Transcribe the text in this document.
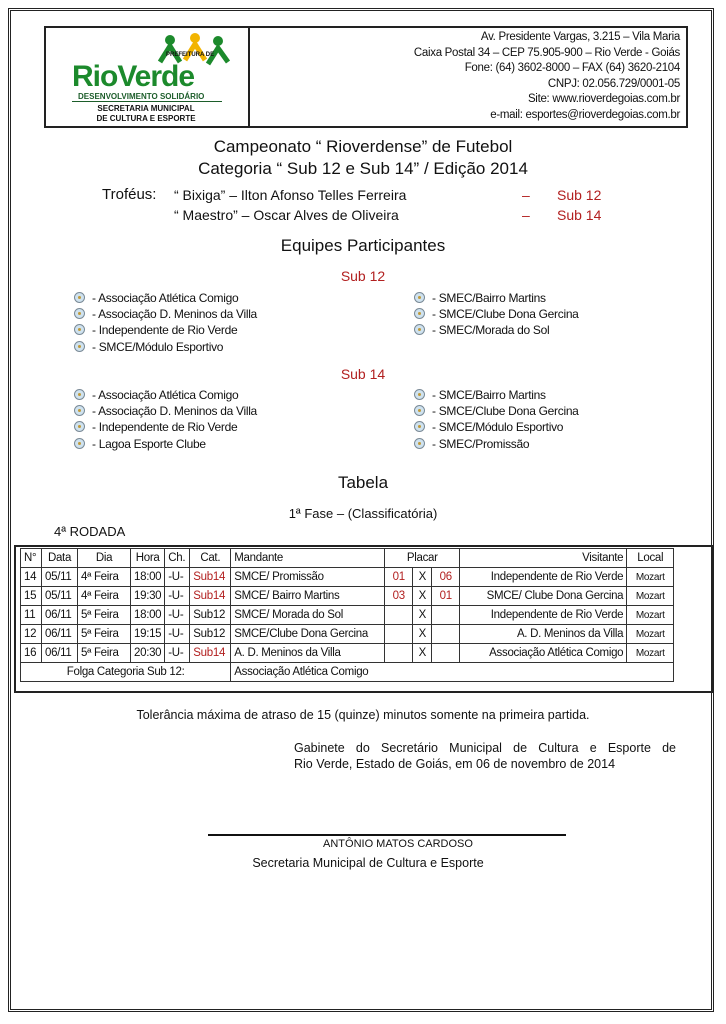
PREFEITURA DE
RioVerde
DESENVOLVIMENTO SOLIDÁRIO
SECRETARIA MUNICIPAL
DE CULTURA E ESPORTE
Av. Presidente Vargas, 3.215 – Vila Maria
Caixa Postal 34 – CEP 75.905-900 – Rio Verde - Goiás
Fone: (64) 3602-8000 – FAX (64) 3620-2104
CNPJ: 02.056.729/0001-05
Site: www.rioverdegoias.com.br
e-mail: esportes@rioverdegoias.com.br
Campeonato “ Rioverdense” de Futebol
Categoria “ Sub 12 e Sub 14” / Edição 2014
Troféus: “ Bixiga” – Ilton Afonso Telles Ferreira	– Sub 12
“ Maestro” – Oscar Alves de Oliveira	– Sub 14
Equipes Participantes
Sub 12
- Associação Atlética Comigo
- Associação D. Meninos da Villa
- Independente de Rio Verde
- SMCE/Módulo Esportivo
- SMEC/Bairro Martins
- SMCE/Clube Dona Gercina
- SMEC/Morada do Sol
Sub 14
- Associação Atlética Comigo
- Associação D. Meninos da Villa
- Independente de Rio Verde
- Lagoa Esporte Clube
- SMCE/Bairro Martins
- SMCE/Clube Dona Gercina
- SMCE/Módulo Esportivo
- SMEC/Promissão
Tabela
1ª Fase – (Classificatória)
4ª RODADA
N°	Data	Dia	Hora	Ch.	Cat.	Mandante	Placar			Visitante	Local
14	05/11	4ª Feira	18:00	-U-	Sub14	SMCE/ Promissão	01	X	06	Independente de Rio Verde	Mozart
15	05/11	4ª Feira	19:30	-U-	Sub14	SMCE/ Bairro Martins	03	X	01	SMCE/ Clube Dona Gercina	Mozart
11	06/11	5ª Feira	18:00	-U-	Sub12	SMCE/ Morada do Sol		X		Independente de Rio Verde	Mozart
12	06/11	5ª Feira	19:15	-U-	Sub12	SMCE/Clube Dona Gercina		X		A. D. Meninos da Villa	Mozart
16	06/11	5ª Feira	20:30	-U-	Sub14	A. D. Meninos da Villa		X		Associação Atlética Comigo	Mozart
Folga Categoria Sub 12:						Associação Atlética Comigo					
Tolerância máxima de atraso de 15 (quinze) minutos somente na primeira partida.
Gabinete do Secretário Municipal de Cultura e Esporte de
Rio Verde, Estado de Goiás, em 06 de novembro de 2014
ANTÔNIO MATOS CARDOSO
Secretaria Municipal de Cultura e Esporte
